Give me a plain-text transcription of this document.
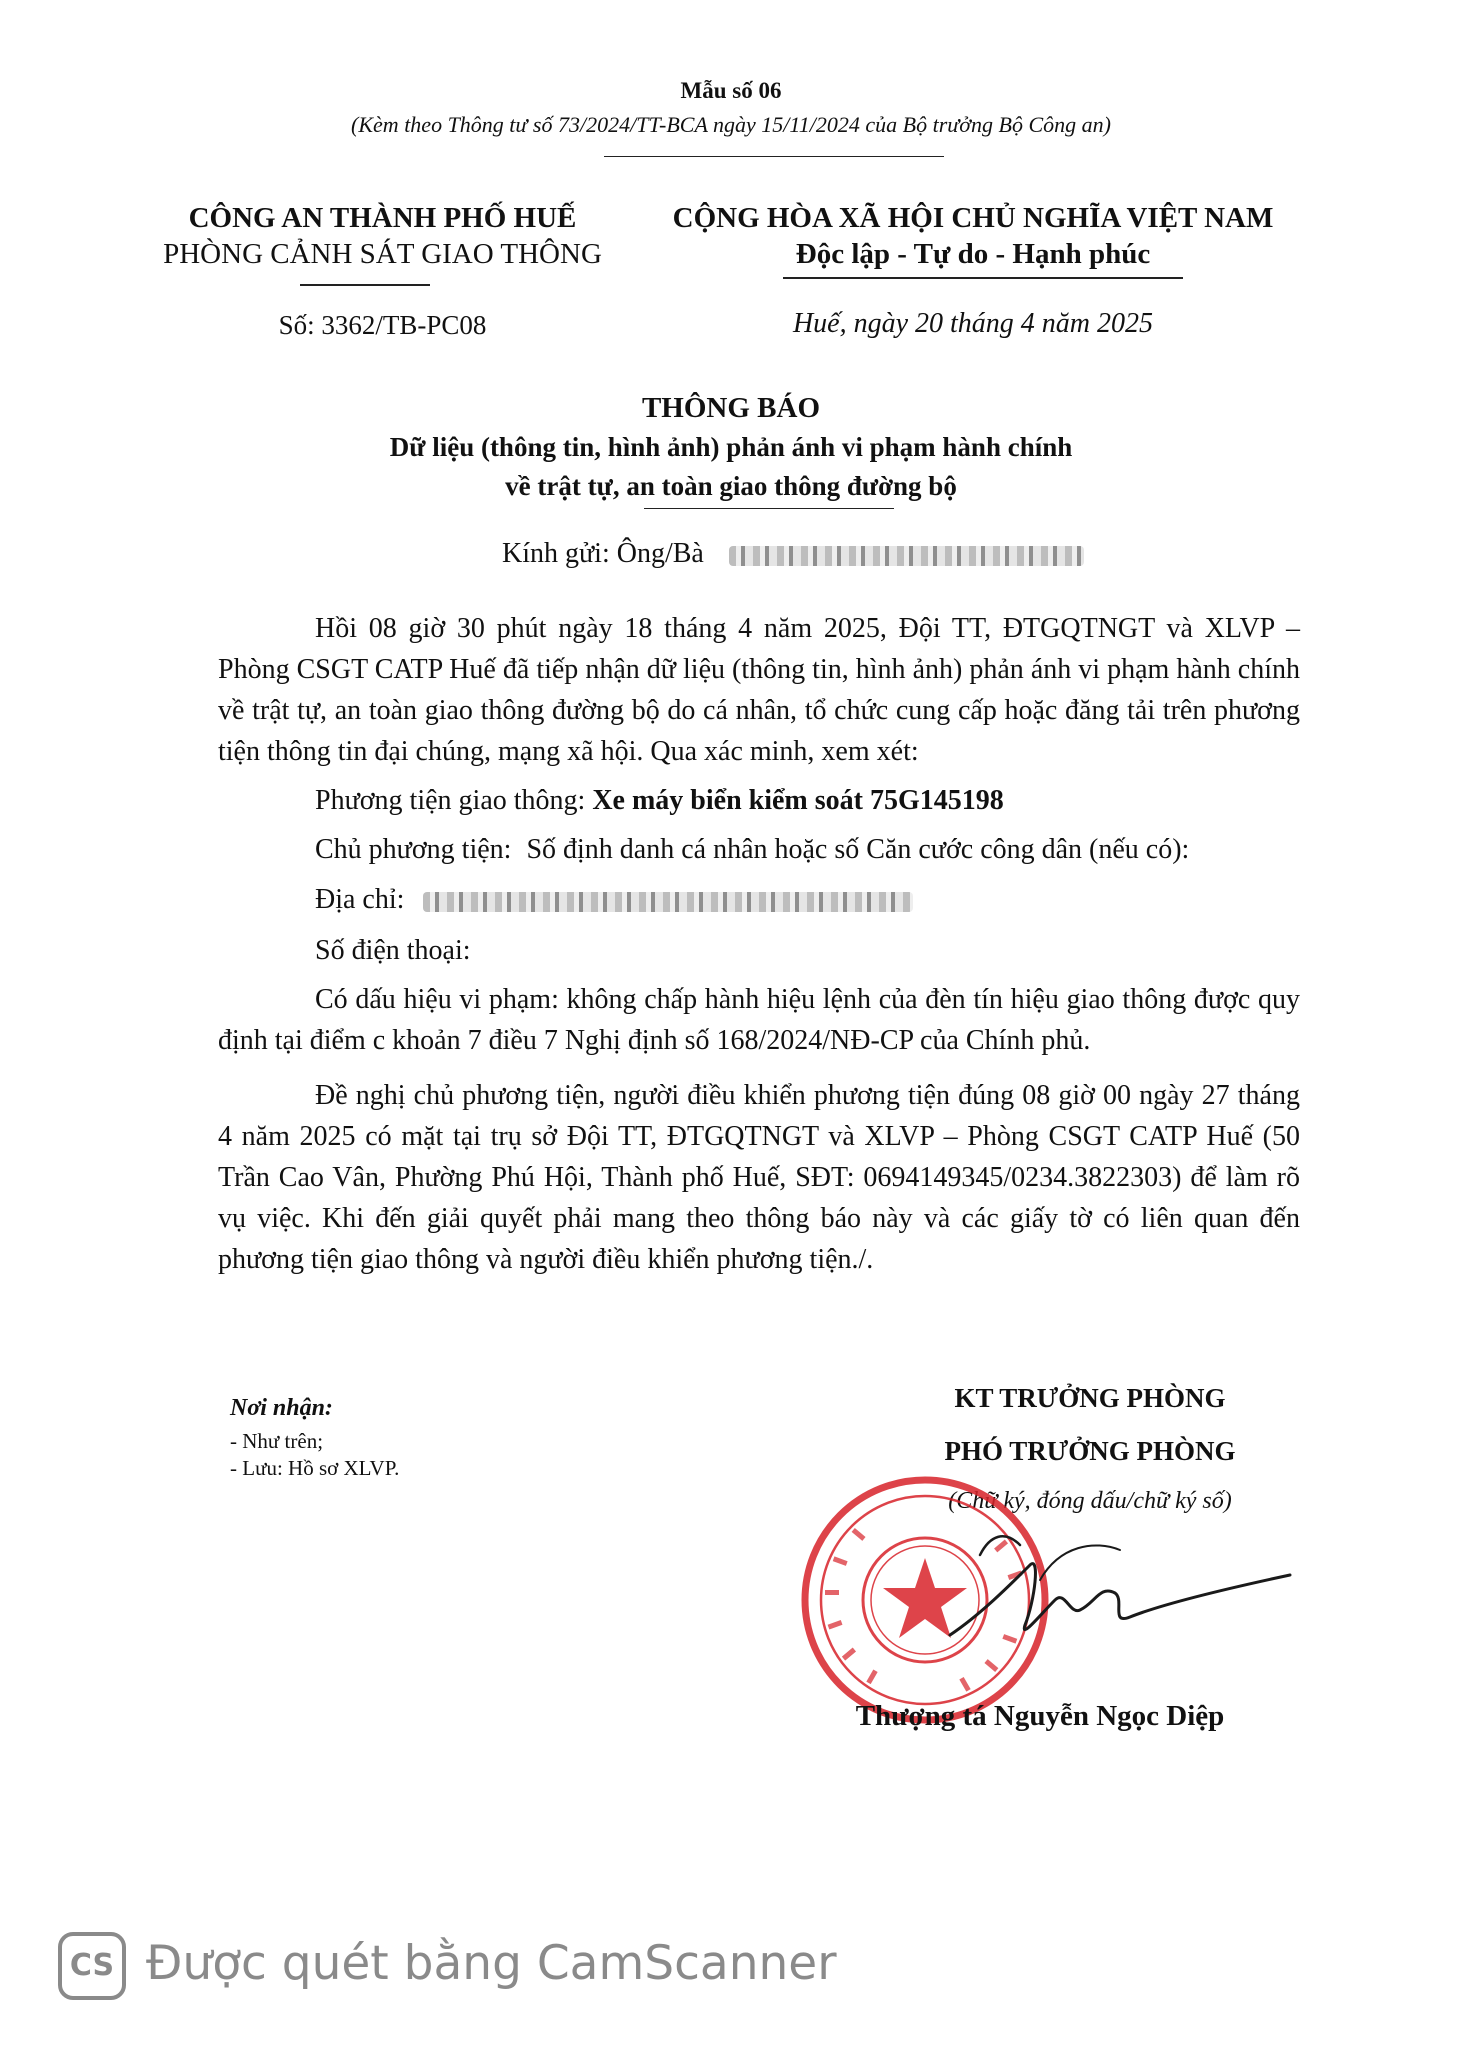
Mẫu số 06
(Kèm theo Thông tư số 73/2024/TT-BCA ngày 15/11/2024 của Bộ trưởng Bộ Công an)
CÔNG AN THÀNH PHỐ HUẾ
PHÒNG CẢNH SÁT GIAO THÔNG
CỘNG HÒA XÃ HỘI CHỦ NGHĨA VIỆT NAM
Độc lập - Tự do - Hạnh phúc
Số: 3362/TB-PC08	Huế, ngày 20 tháng 4 năm 2025
THÔNG BÁO
Dữ liệu (thông tin, hình ảnh) phản ánh vi phạm hành chính
về trật tự, an toàn giao thông đường bộ
Kính gửi: Ông/Bà

Hồi 08 giờ 30 phút ngày 18 tháng 4 năm 2025, Đội TT, ĐTGQTNGT và XLVP – Phòng CSGT CATP Huế đã tiếp nhận dữ liệu (thông tin, hình ảnh) phản ánh vi phạm hành chính về trật tự, an toàn giao thông đường bộ do cá nhân, tổ chức cung cấp hoặc đăng tải trên phương tiện thông tin đại chúng, mạng xã hội. Qua xác minh, xem xét:

Phương tiện giao thông: Xe máy biển kiểm soát 75G145198
Chủ phương tiện: Số định danh cá nhân hoặc số Căn cước công dân (nếu có):
Địa chỉ:
Số điện thoại:

Có dấu hiệu vi phạm: không chấp hành hiệu lệnh của đèn tín hiệu giao thông được quy định tại điểm c khoản 7 điều 7 Nghị định số 168/2024/NĐ-CP của Chính phủ.

Đề nghị chủ phương tiện, người điều khiển phương tiện đúng 08 giờ 00 ngày 27 tháng 4 năm 2025 có mặt tại trụ sở Đội TT, ĐTGQTNGT và XLVP – Phòng CSGT CATP Huế (50 Trần Cao Vân, Phường Phú Hội, Thành phố Huế, SĐT: 0694149345/0234.3822303) để làm rõ vụ việc. Khi đến giải quyết phải mang theo thông báo này và các giấy tờ có liên quan đến phương tiện giao thông và người điều khiển phương tiện./.

Nơi nhận:
- Như trên;
- Lưu: Hồ sơ XLVP.
KT TRƯỞNG PHÒNG
PHÓ TRƯỞNG PHÒNG
(Chữ ký, đóng dấu/chữ ký số)
Thượng tá Nguyễn Ngọc Diệp
CS Được quét bằng CamScanner
